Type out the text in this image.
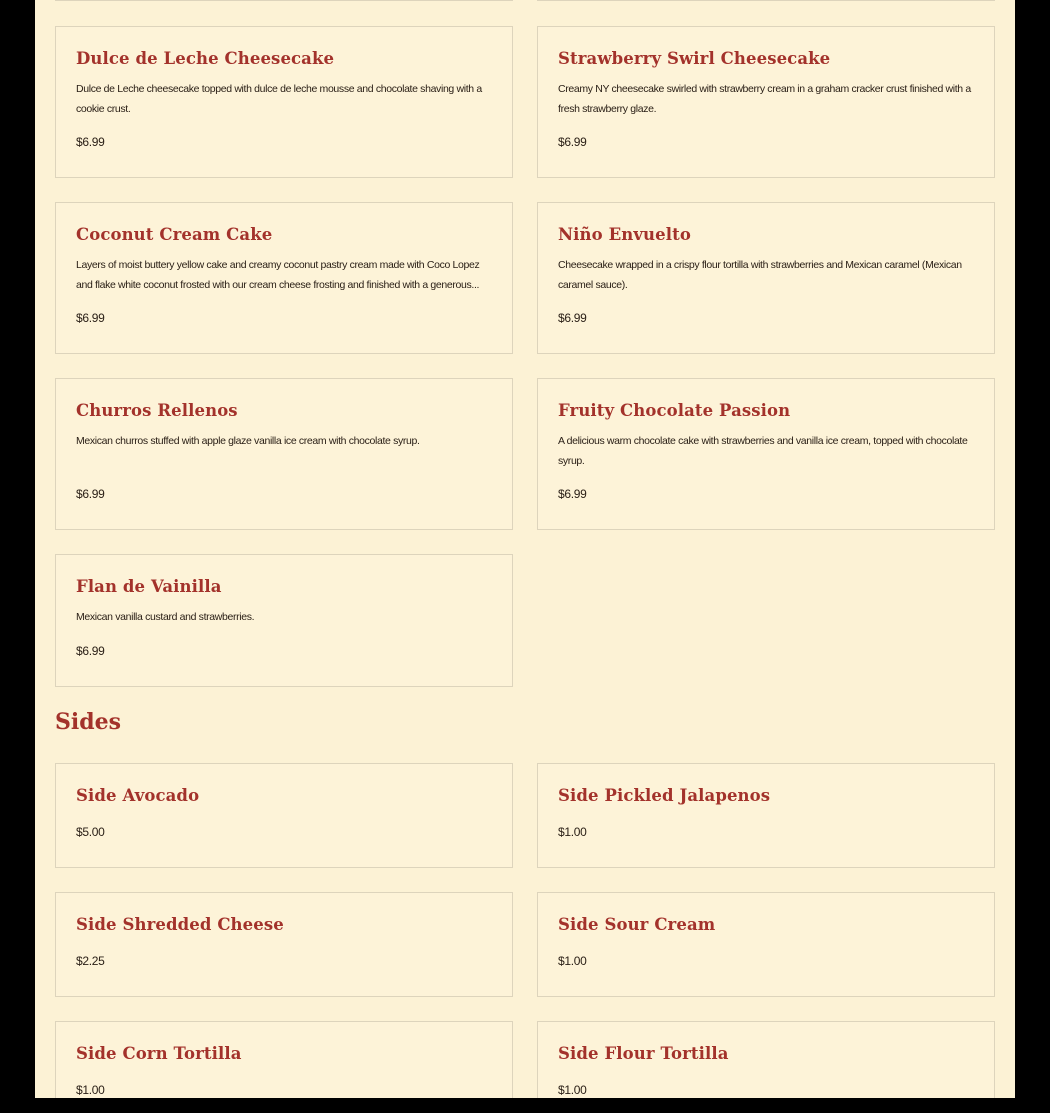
Dulce de Leche Cheesecake

Dulce de Leche cheesecake topped with dulce de leche mousse and chocolate shaving with a cookie crust.

$6.99
Strawberry Swirl Cheesecake

Creamy NY cheesecake swirled with strawberry cream in a graham cracker crust finished with a fresh strawberry glaze.

$6.99
Coconut Cream Cake

Layers of moist buttery yellow cake and creamy coconut pastry cream made with Coco Lopez and flake white coconut frosted with our cream cheese frosting and finished with a generous...

$6.99
Niño Envuelto

Cheesecake wrapped in a crispy flour tortilla with strawberries and Mexican caramel (Mexican caramel sauce).

$6.99
Churros Rellenos

Mexican churros stuffed with apple glaze vanilla ice cream with chocolate syrup.

$6.99
Fruity Chocolate Passion

A delicious warm chocolate cake with strawberries and vanilla ice cream, topped with chocolate syrup.

$6.99
Flan de Vainilla

Mexican vanilla custard and strawberries.

$6.99
Sides
Side Avocado
$5.00
Side Pickled Jalapenos
$1.00
Side Shredded Cheese
$2.25
Side Sour Cream
$1.00
Side Corn Tortilla
$1.00
Side Flour Tortilla
$1.00
